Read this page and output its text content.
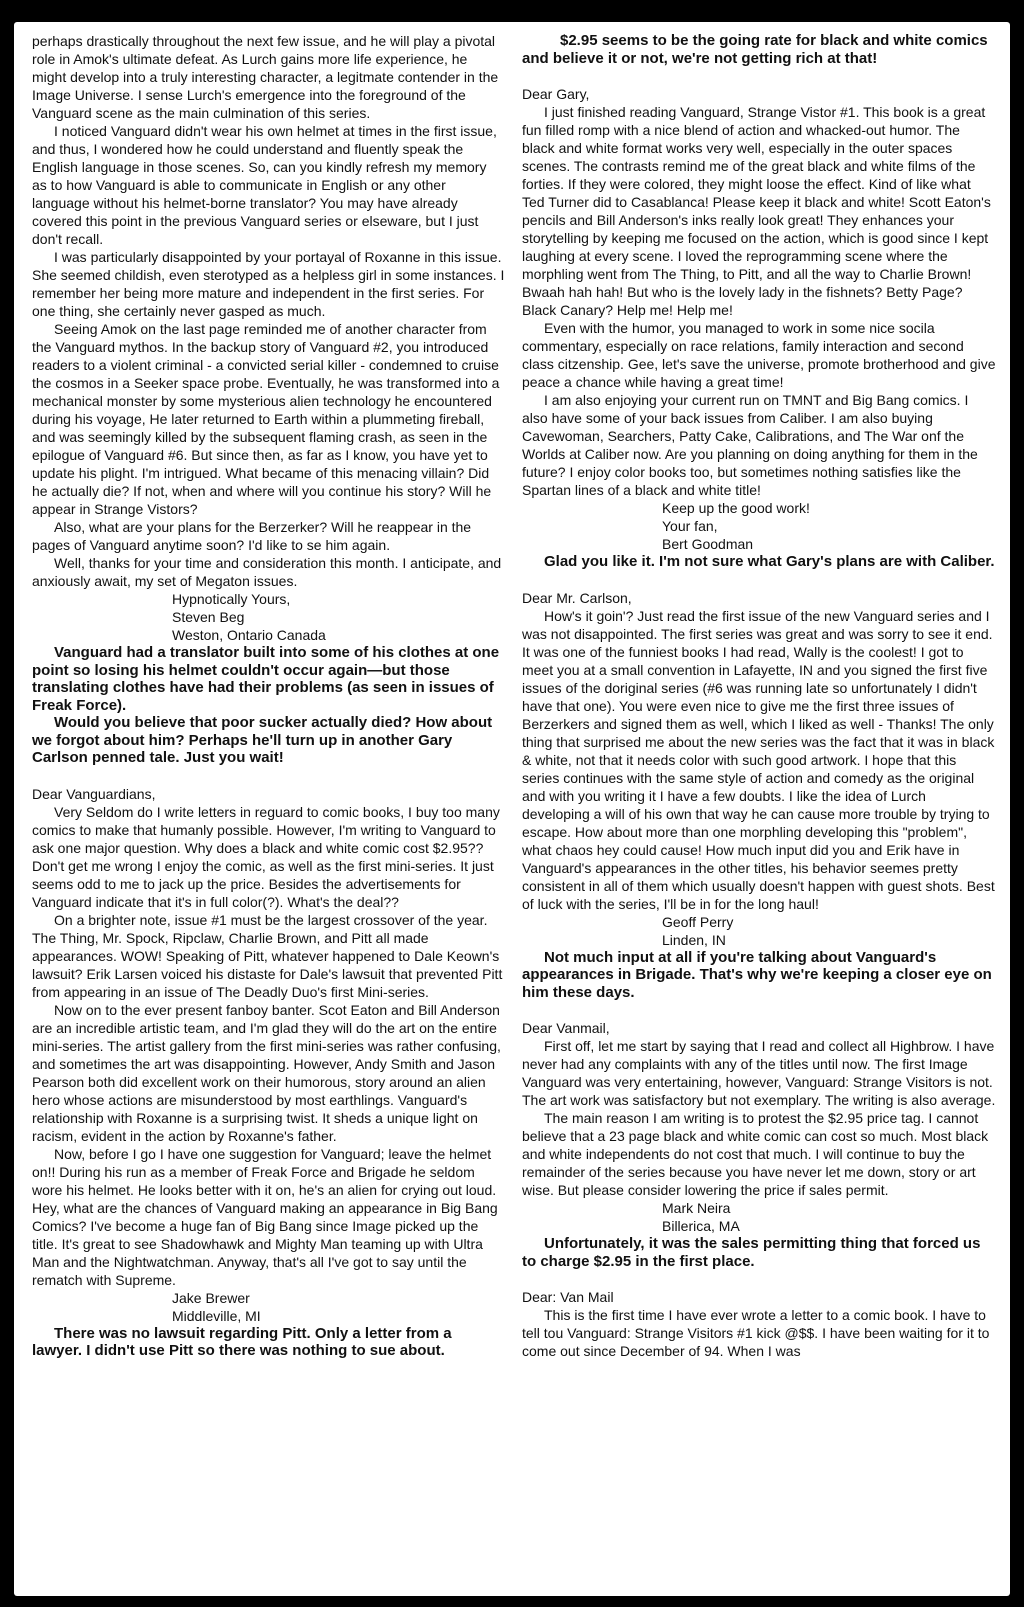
perhaps drastically throughout the next few issue, and he will play a pivotal role in Amok's ultimate defeat. As Lurch gains more life experience, he might develop into a truly interesting character, a legitmate contender in the Image Universe. I sense Lurch's emergence into the foreground of the Vanguard scene as the main culmination of this series.

I noticed Vanguard didn't wear his own helmet at times in the first issue, and thus, I wondered how he could understand and fluently speak the English language in those scenes. So, can you kindly refresh my memory as to how Vanguard is able to communicate in English or any other language without his helmet-borne translator? You may have already covered this point in the previous Vanguard series or elseware, but I just don't recall.

I was particularly disappointed by your portayal of Roxanne in this issue. She seemed childish, even sterotyped as a helpless girl in some instances. I remember her being more mature and independent in the first series. For one thing, she certainly never gasped as much.

Seeing Amok on the last page reminded me of another character from the Vanguard mythos. In the backup story of Vanguard #2, you introduced readers to a violent criminal - a convicted serial killer - condemned to cruise the cosmos in a Seeker space probe. Eventually, he was transformed into a mechanical monster by some mysterious alien technology he encountered during his voyage, He later returned to Earth within a plummeting fireball, and was seemingly killed by the subsequent flaming crash, as seen in the epilogue of Vanguard #6. But since then, as far as I know, you have yet to update his plight. I'm intrigued. What became of this menacing villain? Did he actually die? If not, when and where will you continue his story? Will he appear in Strange Vistors?

Also, what are your plans for the Berzerker? Will he reappear in the pages of Vanguard anytime soon? I'd like to se him again.

Well, thanks for your time and consideration this month. I anticipate, and anxiously await, my set of Megaton issues.

Hypnotically Yours,

Steven Beg

Weston, Ontario Canada

Vanguard had a translator built into some of his clothes at one point so losing his helmet couldn't occur again—but those translating clothes have had their problems (as seen in issues of Freak Force).

Would you believe that poor sucker actually died? How about we forgot about him? Perhaps he'll turn up in another Gary Carlson penned tale. Just you wait!

Dear Vanguardians,

Very Seldom do I write letters in reguard to comic books, I buy too many comics to make that humanly possible. However, I'm writing to Vanguard to ask one major question. Why does a black and white comic cost $2.95?? Don't get me wrong I enjoy the comic, as well as the first mini-series. It just seems odd to me to jack up the price. Besides the advertisements for Vanguard indicate that it's in full color(?). What's the deal??

On a brighter note, issue #1 must be the largest crossover of the year. The Thing, Mr. Spock, Ripclaw, Charlie Brown, and Pitt all made appearances. WOW! Speaking of Pitt, whatever happened to Dale Keown's lawsuit? Erik Larsen voiced his distaste for Dale's lawsuit that prevented Pitt from appearing in an issue of The Deadly Duo's first Mini-series.

Now on to the ever present fanboy banter. Scot Eaton and Bill Anderson are an incredible artistic team, and I'm glad they will do the art on the entire mini-series. The artist gallery from the first mini-series was rather confusing, and sometimes the art was disappointing. However, Andy Smith and Jason Pearson both did excellent work on their humorous, story around an alien hero whose actions are misunderstood by most earthlings. Vanguard's relationship with Roxanne is a surprising twist. It sheds a unique light on racism, evident in the action by Roxanne's father.

Now, before I go I have one suggestion for Vanguard; leave the helmet on!! During his run as a member of Freak Force and Brigade he seldom wore his helmet. He looks better with it on, he's an alien for crying out loud. Hey, what are the chances of Vanguard making an appearance in Big Bang Comics? I've become a huge fan of Big Bang since Image picked up the title. It's great to see Shadowhawk and Mighty Man teaming up with Ultra Man and the Nightwatchman. Anyway, that's all I've got to say until the rematch with Supreme.

Jake Brewer

Middleville, MI

There was no lawsuit regarding Pitt. Only a letter from a lawyer. I didn't use Pitt so there was nothing to sue about.

$2.95 seems to be the going rate for black and white comics and believe it or not, we're not getting rich at that!

Dear Gary,

I just finished reading Vanguard, Strange Vistor #1. This book is a great fun filled romp with a nice blend of action and whacked-out humor. The black and white format works very well, especially in the outer spaces scenes. The contrasts remind me of the great black and white films of the forties. If they were colored, they might loose the effect. Kind of like what Ted Turner did to Casablanca! Please keep it black and white! Scott Eaton's pencils and Bill Anderson's inks really look great! They enhances your storytelling by keeping me focused on the action, which is good since I kept laughing at every scene. I loved the reprogramming scene where the morphling went from The Thing, to Pitt, and all the way to Charlie Brown! Bwaah hah hah! But who is the lovely lady in the fishnets? Betty Page? Black Canary? Help me! Help me!

Even with the humor, you managed to work in some nice socila commentary, especially on race relations, family interaction and second class citzenship. Gee, let's save the universe, promote brotherhood and give peace a chance while having a great time!

I am also enjoying your current run on TMNT and Big Bang comics. I also have some of your back issues from Caliber. I am also buying Cavewoman, Searchers, Patty Cake, Calibrations, and The War onf the Worlds at Caliber now. Are you planning on doing anything for them in the future? I enjoy color books too, but sometimes nothing satisfies like the Spartan lines of a black and white title!

Keep up the good work!

Your fan,

Bert Goodman

Glad you like it. I'm not sure what Gary's plans are with Caliber.

Dear Mr. Carlson,

How's it goin'? Just read the first issue of the new Vanguard series and I was not disappointed. The first series was great and was sorry to see it end. It was one of the funniest books I had read, Wally is the coolest! I got to meet you at a small convention in Lafayette, IN and you signed the first five issues of the doriginal series (#6 was running late so unfortunately I didn't have that one). You were even nice to give me the first three issues of Berzerkers and signed them as well, which I liked as well - Thanks! The only thing that surprised me about the new series was the fact that it was in black & white, not that it needs color with such good artwork. I hope that this series continues with the same style of action and comedy as the original and with you writing it I have a few doubts. I like the idea of Lurch developing a will of his own that way he can cause more trouble by trying to escape. How about more than one morphling developing this "problem", what chaos hey could cause! How much input did you and Erik have in Vanguard's appearances in the other titles, his behavior seemes pretty consistent in all of them which usually doesn't happen with guest shots. Best of luck with the series, I'll be in for the long haul!

Geoff Perry

Linden, IN

Not much input at all if you're talking about Vanguard's appearances in Brigade. That's why we're keeping a closer eye on him these days.

Dear Vanmail,

First off, let me start by saying that I read and collect all Highbrow. I have never had any complaints with any of the titles until now. The first Image Vanguard was very entertaining, however, Vanguard: Strange Visitors is not. The art work was satisfactory but not exemplary. The writing is also average.

The main reason I am writing is to protest the $2.95 price tag. I cannot believe that a 23 page black and white comic can cost so much. Most black and white independents do not cost that much. I will continue to buy the remainder of the series because you have never let me down, story or art wise. But please consider lowering the price if sales permit.

Mark Neira

Billerica, MA

Unfortunately, it was the sales permitting thing that forced us to charge $2.95 in the first place.

Dear: Van Mail

This is the first time I have ever wrote a letter to a comic book. I have to tell tou Vanguard: Strange Visitors #1 kick @$$. I have been waiting for it to come out since December of 94. When I was
